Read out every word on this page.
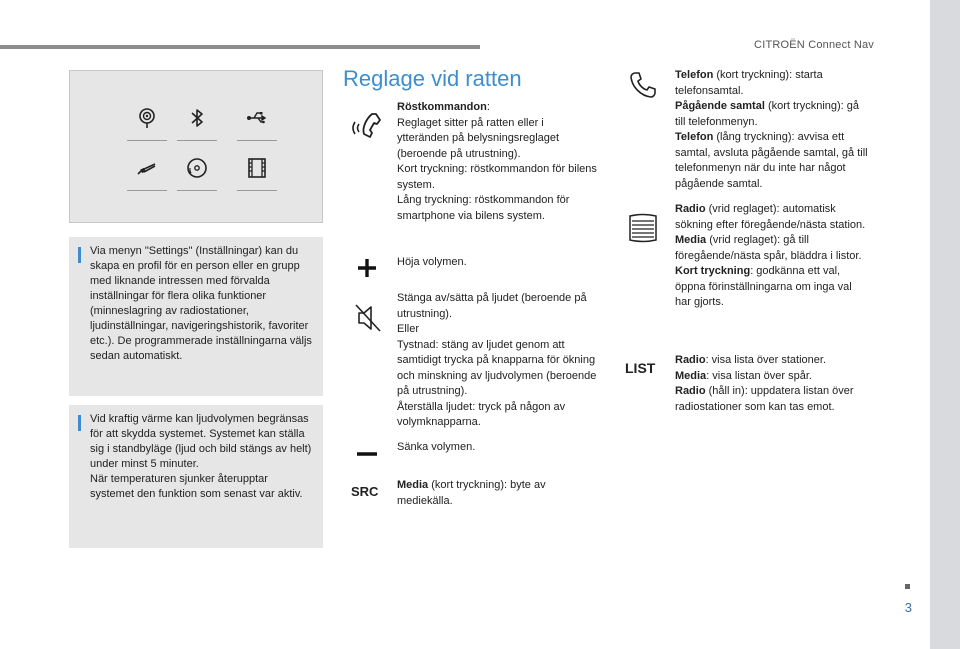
CITROËN Connect Nav

Via menyn "Settings" (Inställningar) kan du skapa en profil för en person eller en grupp med liknande intressen med förvalda inställningar för flera olika funktioner (minneslagring av radiostationer, ljudinställningar, navigeringshistorik, favoriter etc.). De programmerade inställningarna väljs sedan automatiskt.

Vid kraftig värme kan ljudvolymen begränsas för att skydda systemet. Systemet kan ställa sig i standbyläge (ljud och bild stängs av helt) under minst 5 minuter.
När temperaturen sjunker återupptar systemet den funktion som senast var aktiv.

Reglage vid ratten
Röstkommandon:
Reglaget sitter på ratten eller i ytteränden på belysningsreglaget (beroende på utrustning).
Kort tryckning: röstkommandon för bilens system.
Lång tryckning: röstkommandon för smartphone via bilens system.
Höja volymen.
Stänga av/sätta på ljudet (beroende på utrustning).
Eller
Tystnad: stäng av ljudet genom att samtidigt trycka på knapparna för ökning och minskning av ljudvolymen (beroende på utrustning).
Återställa ljudet: tryck på någon av volymknapparna.
Sänka volymen.
SRC Media (kort tryckning): byte av mediekälla.
Telefon (kort tryckning): starta telefonsamtal.
Pågående samtal (kort tryckning): gå till telefonmenyn.
Telefon (lång tryckning): avvisa ett samtal, avsluta pågående samtal, gå till telefonmenyn när du inte har något pågående samtal.
Radio (vrid reglaget): automatisk sökning efter föregående/nästa station.
Media (vrid reglaget): gå till föregående/nästa spår, bläddra i listor.
Kort tryckning: godkänna ett val, öppna förinställningarna om inga val har gjorts.
LIST Radio: visa lista över stationer.
Media: visa listan över spår.
Radio (håll in): uppdatera listan över radiostationer som kan tas emot.
3
